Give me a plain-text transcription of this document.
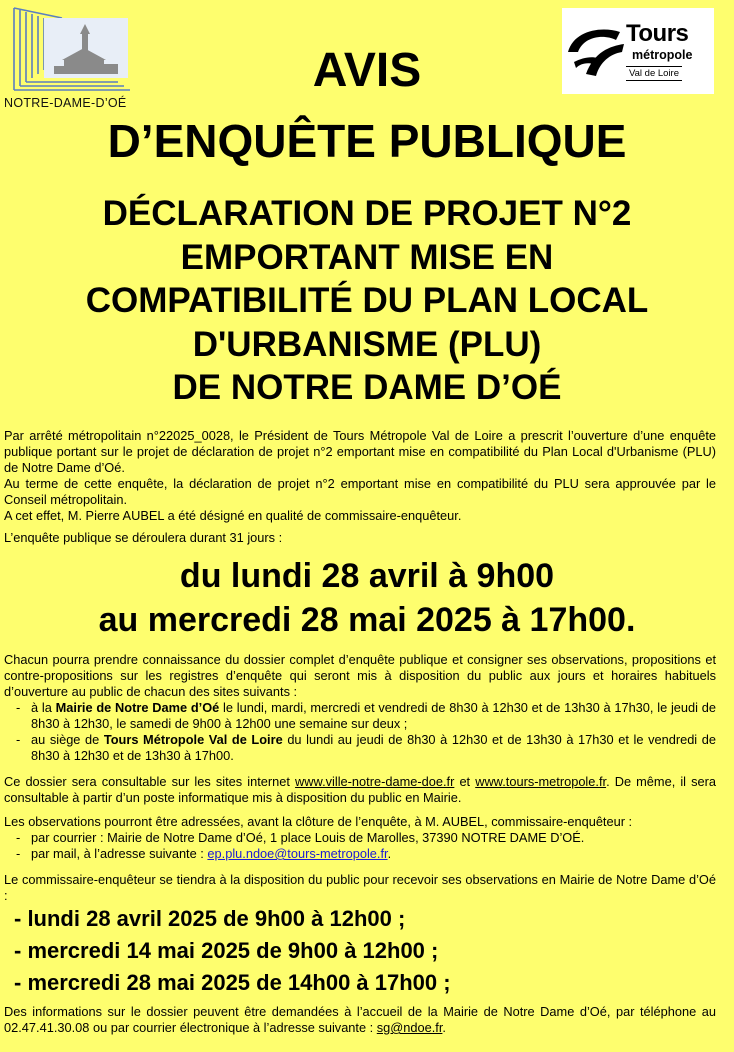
NOTRE-DAME-D’OÉ
Tours
métropole
Val de Loire
AVIS
D’ENQUÊTE PUBLIQUE
DÉCLARATION DE PROJET N°2
EMPORTANT MISE EN
COMPATIBILITÉ DU PLAN LOCAL
D'URBANISME (PLU)
DE NOTRE DAME D’OÉ

Par arrêté métropolitain n°22025_0028, le Président de Tours Métropole Val de Loire a prescrit l’ouverture d’une enquête publique portant sur le projet de déclaration de projet n°2 emportant mise en compatibilité du Plan Local d'Urbanisme (PLU) de Notre Dame d’Oé.

Au terme de cette enquête, la déclaration de projet n°2 emportant mise en compatibilité du PLU sera approuvée par le Conseil métropolitain.

A cet effet, M. Pierre AUBEL a été désigné en qualité de commissaire-enquêteur.

L’enquête publique se déroulera durant 31 jours :

du lundi 28 avril à 9h00
au mercredi 28 mai 2025 à 17h00.

Chacun pourra prendre connaissance du dossier complet d’enquête publique et consigner ses observations, propositions et contre-propositions sur les registres d’enquête qui seront mis à disposition du public aux jours et horaires habituels d’ouverture au public de chacun des sites suivants :

- à la Mairie de Notre Dame d’Oé le lundi, mardi, mercredi et vendredi de 8h30 à 12h30 et de 13h30 à 17h30, le jeudi de 8h30 à 12h30, le samedi de 9h00 à 12h00 une semaine sur deux ;
- au siège de Tours Métropole Val de Loire du lundi au jeudi de 8h30 à 12h30 et de 13h30 à 17h30 et le vendredi de 8h30 à 12h30 et de 13h30 à 17h00.

Ce dossier sera consultable sur les sites internet www.ville-notre-dame-doe.fr et www.tours-metropole.fr. De même, il sera consultable à partir d’un poste informatique mis à disposition du public en Mairie.

Les observations pourront être adressées, avant la clôture de l’enquête, à M. AUBEL, commissaire-enquêteur :

- par courrier : Mairie de Notre Dame d’Oé, 1 place Louis de Marolles, 37390 NOTRE DAME D’OÉ.
- par mail, à l’adresse suivante : ep.plu.ndoe@tours-metropole.fr.
Le commissaire-enquêteur se tiendra à la disposition du public pour recevoir ses observations en Mairie de Notre Dame d’Oé :
- lundi 28 avril 2025 de 9h00 à 12h00 ;
- mercredi 14 mai 2025 de 9h00 à 12h00 ;
- mercredi 28 mai 2025 de 14h00 à 17h00 ;

Des informations sur le dossier peuvent être demandées à l’accueil de la Mairie de Notre Dame d’Oé, par téléphone au 02.47.41.30.08 ou par courrier électronique à l’adresse suivante : sg@ndoe.fr.
